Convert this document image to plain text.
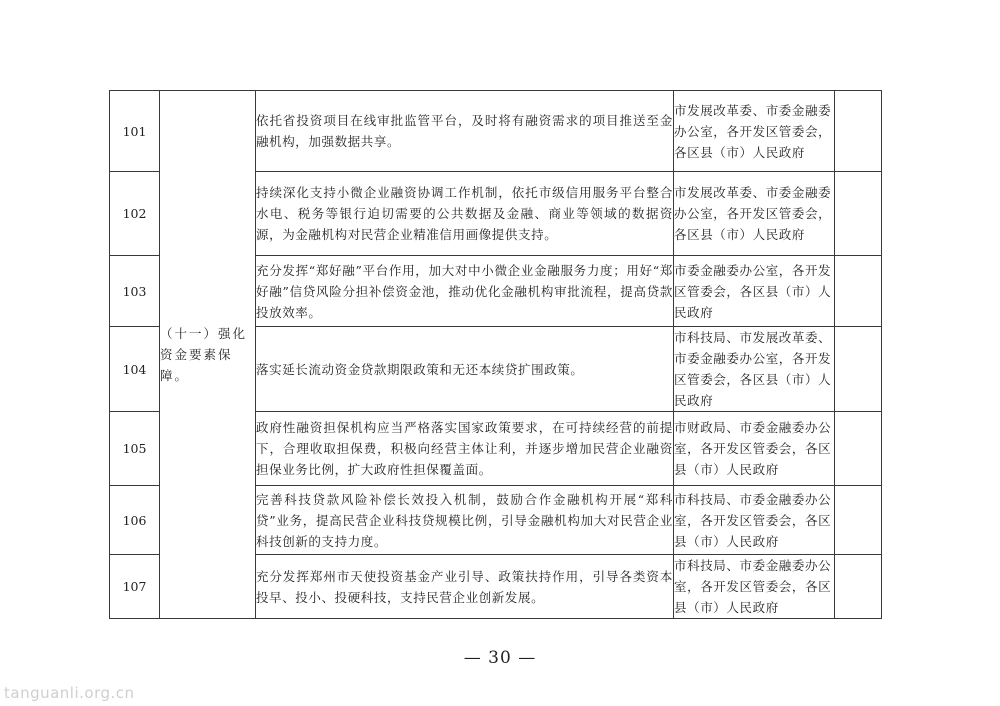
101	（十一）强化资金要素保障。	依托省投资项目在线审批监管平台，及时将有融资需求的项目推送至金融机构，加强数据共享。	市发展改革委、市委金融委办公室，各开发区管委会，各区县（市）人民政府	
102		持续深化支持小微企业融资协调工作机制，依托市级信用服务平台整合水电、税务等银行迫切需要的公共数据及金融、商业等领域的数据资源，为金融机构对民营企业精准信用画像提供支持。	市发展改革委、市委金融委办公室，各开发区管委会，各区县（市）人民政府	
103		充分发挥“郑好融”平台作用，加大对中小微企业金融服务力度；用好“郑好融”信贷风险分担补偿资金池，推动优化金融机构审批流程，提高贷款投放效率。	市委金融委办公室，各开发区管委会，各区县（市）人民政府	
104		落实延长流动资金贷款期限政策和无还本续贷扩围政策。	市科技局、市发展改革委、市委金融委办公室，各开发区管委会，各区县（市）人民政府	
105		政府性融资担保机构应当严格落实国家政策要求，在可持续经营的前提下，合理收取担保费，积极向经营主体让利，并逐步增加民营企业融资担保业务比例，扩大政府性担保覆盖面。	市财政局、市委金融委办公室，各开发区管委会，各区县（市）人民政府	
106		完善科技贷款风险补偿长效投入机制，鼓励合作金融机构开展“郑科贷”业务，提高民营企业科技贷规模比例，引导金融机构加大对民营企业科技创新的支持力度。	市科技局、市委金融委办公室，各开发区管委会，各区县（市）人民政府	
107		充分发挥郑州市天使投资基金产业引导、政策扶持作用，引导各类资本投早、投小、投硬科技，支持民营企业创新发展。	市科技局、市委金融委办公室，各开发区管委会，各区县（市）人民政府	
— 30 —
tanguanli.org.cn
